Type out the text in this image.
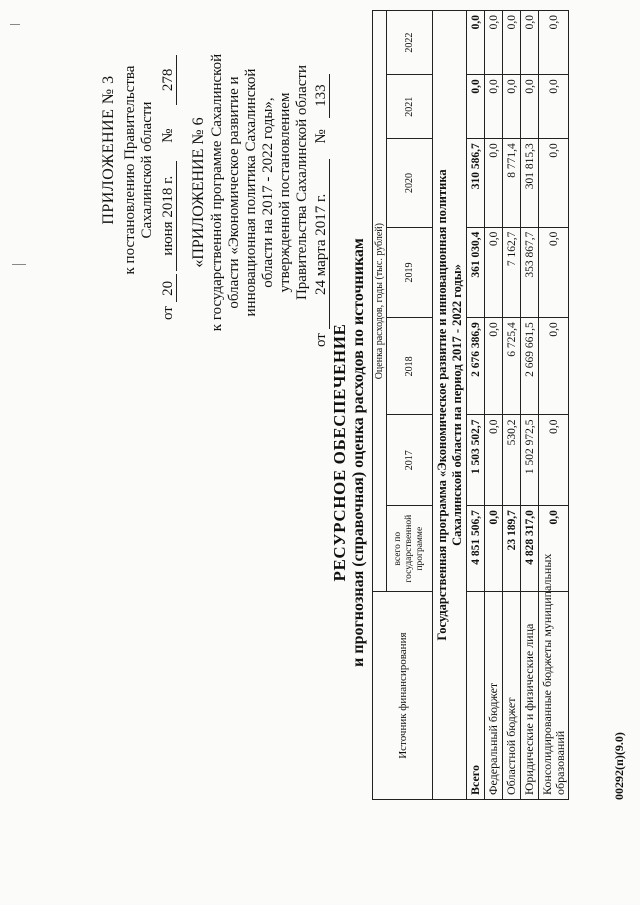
ПРИЛОЖЕНИЕ № 3 к постановлению Правительства Сахалинской области
от 20 июня 2018 г. № 278
«ПРИЛОЖЕНИЕ № 6 к государственной программе Сахалинской области «Экономическое развитие и инновационная политика Сахалинской области на 2017 - 2022 годы», утвержденной постановлением Правительства Сахалинской области
от 24 марта 2017 г. № 133
РЕСУРСНОЕ ОБЕСПЕЧЕНИЕ и прогнозная (справочная) оценка расходов по источникам
Источник финансирования	Оценка расходов, годы (тыс. рублей)						
	всего по государственной программе	2017	2018	2019	2020	2021	2022

Государственная программа «Экономическое развитие и инновационная политика Сахалинской области на период 2017 - 2022 годы»							

Всего	4 851 506,7	1 503 502,7	2 676 386,9	361 030,4	310 586,7	0,0	0,0
Федеральный бюджет	0,0	0,0	0,0	0,0	0,0	0,0	0,0
Областной бюджет	23 189,7	530,2	6 725,4	7 162,7	8 771,4	0,0	0,0
Юридические и физические лица	4 828 317,0	1 502 972,5	2 669 661,5	353 867,7	301 815,3	0,0	0,0

Консолидированные бюджеты муниципальных образований	0,0	0,0	0,0	0,0	0,0	0,0	0,0
00292(п)(9.0)
